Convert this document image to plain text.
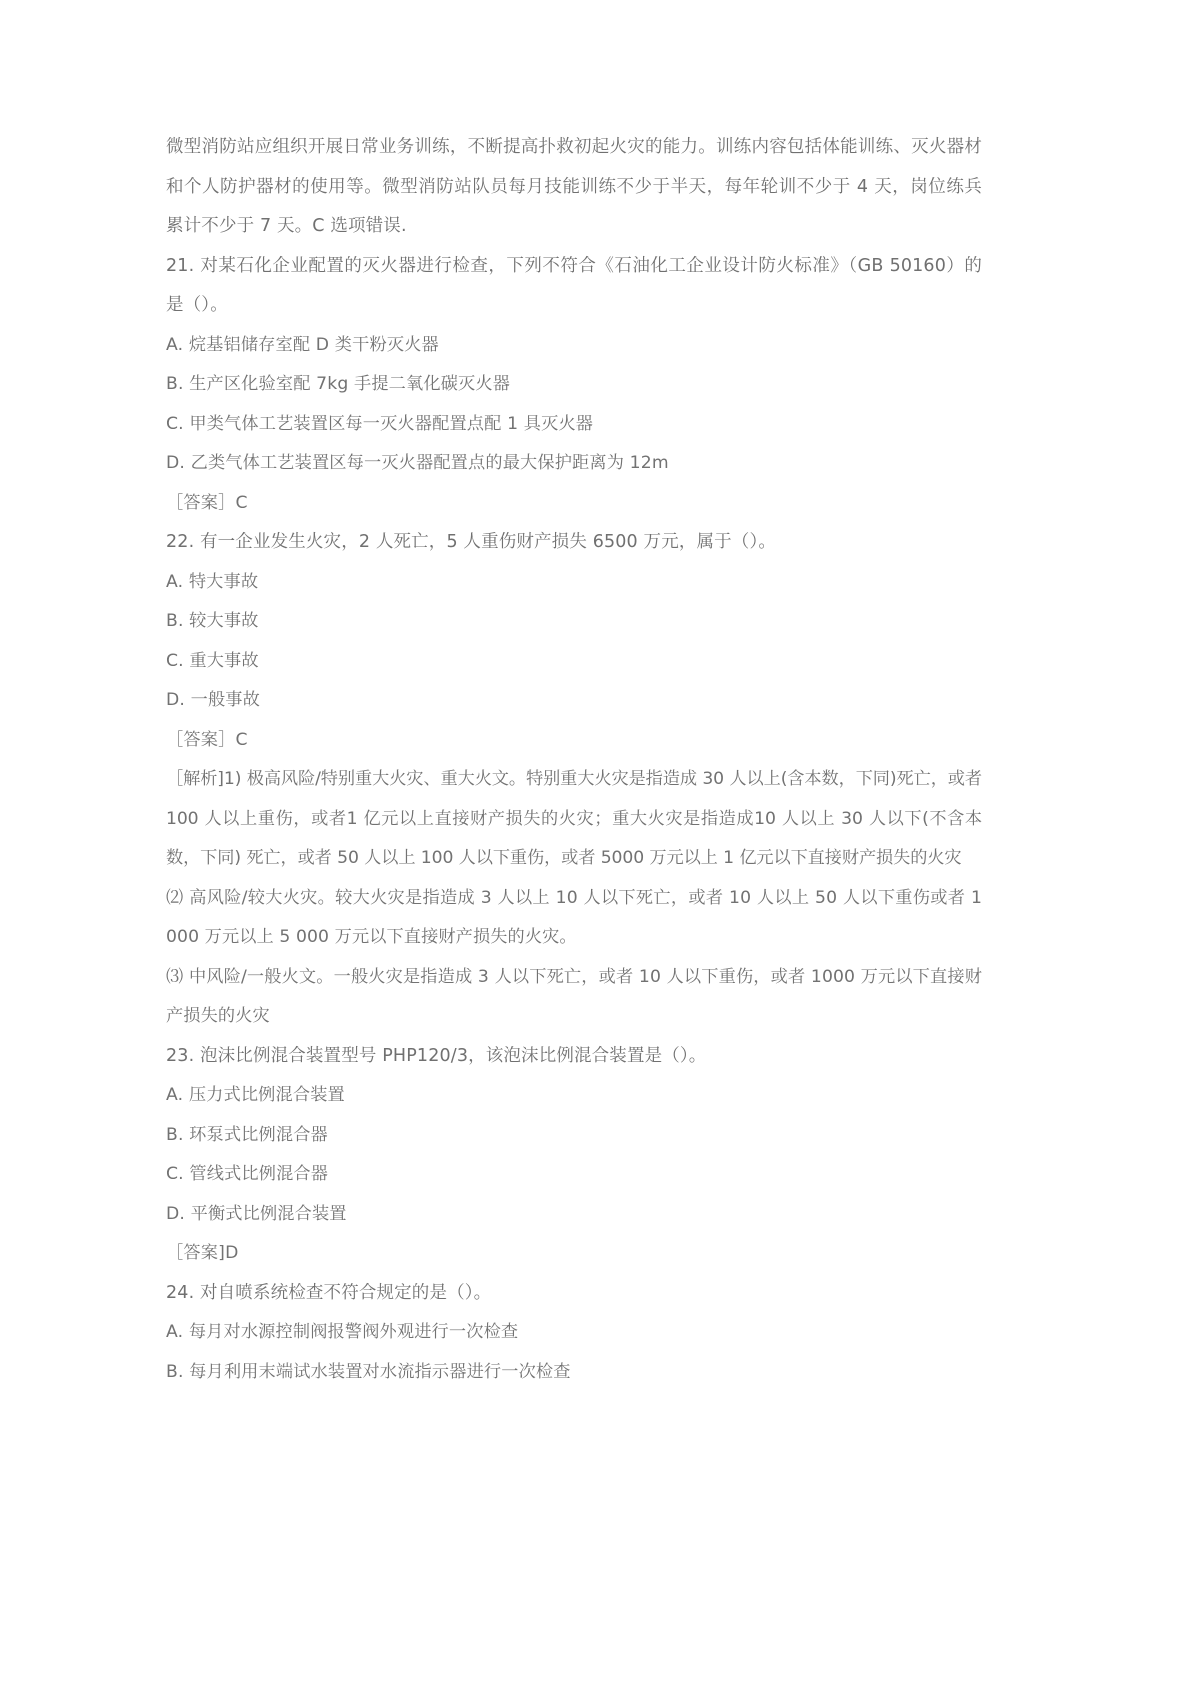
微型消防站应组织开展日常业务训练，不断提高扑救初起火灾的能力。训练内容包括体能训练、灭火器材和个人防护器材的使用等。微型消防站队员每月技能训练不少于半天，每年轮训不少于 4 天，岗位练兵累计不少于 7 天。C 选项错误.

21. 对某石化企业配置的灭火器进行检查，下列不符合《石油化工企业设计防火标准》（GB 50160）的是（）。

A. 烷基铝储存室配 D 类干粉灭火器

B. 生产区化验室配 7kg 手提二氧化碳灭火器

C. 甲类气体工艺装置区每一灭火器配置点配 1 具灭火器

D. 乙类气体工艺装置区每一灭火器配置点的最大保护距离为 12m

［答案］C

22. 有一企业发生火灾，2 人死亡，5 人重伤财产损失 6500 万元，属于（）。

A. 特大事故

B. 较大事故

C. 重大事故

D. 一般事故

［答案］C

［解析]1) 极高风险/特别重大火灾、重大火文。特别重大火灾是指造成 30 人以上(含本数，下同)死亡，或者100 人以上重伤，或者1 亿元以上直接财产损失的火灾；重大火灾是指造成10 人以上 30 人以下(不含本数，下同) 死亡，或者 50 人以上 100 人以下重伤，或者 5000 万元以上 1 亿元以下直接财产损失的火灾

⑵ 高风险/较大火灾。较大火灾是指造成 3 人以上 10 人以下死亡，或者 10 人以上 50 人以下重伤或者 1 000 万元以上 5 000 万元以下直接财产损失的火灾。

⑶ 中风险/一般火文。一般火灾是指造成 3 人以下死亡，或者 10 人以下重伤，或者 1000 万元以下直接财产损失的火灾

23. 泡沫比例混合装置型号 PHP120/3，该泡沫比例混合装置是（）。

A. 压力式比例混合装置

B. 环泵式比例混合器

C. 管线式比例混合器

D. 平衡式比例混合装置

［答案]D

24. 对自喷系统检查不符合规定的是（）。

A. 每月对水源控制阀报警阀外观进行一次检查

B. 每月利用末端试水装置对水流指示器进行一次检查
